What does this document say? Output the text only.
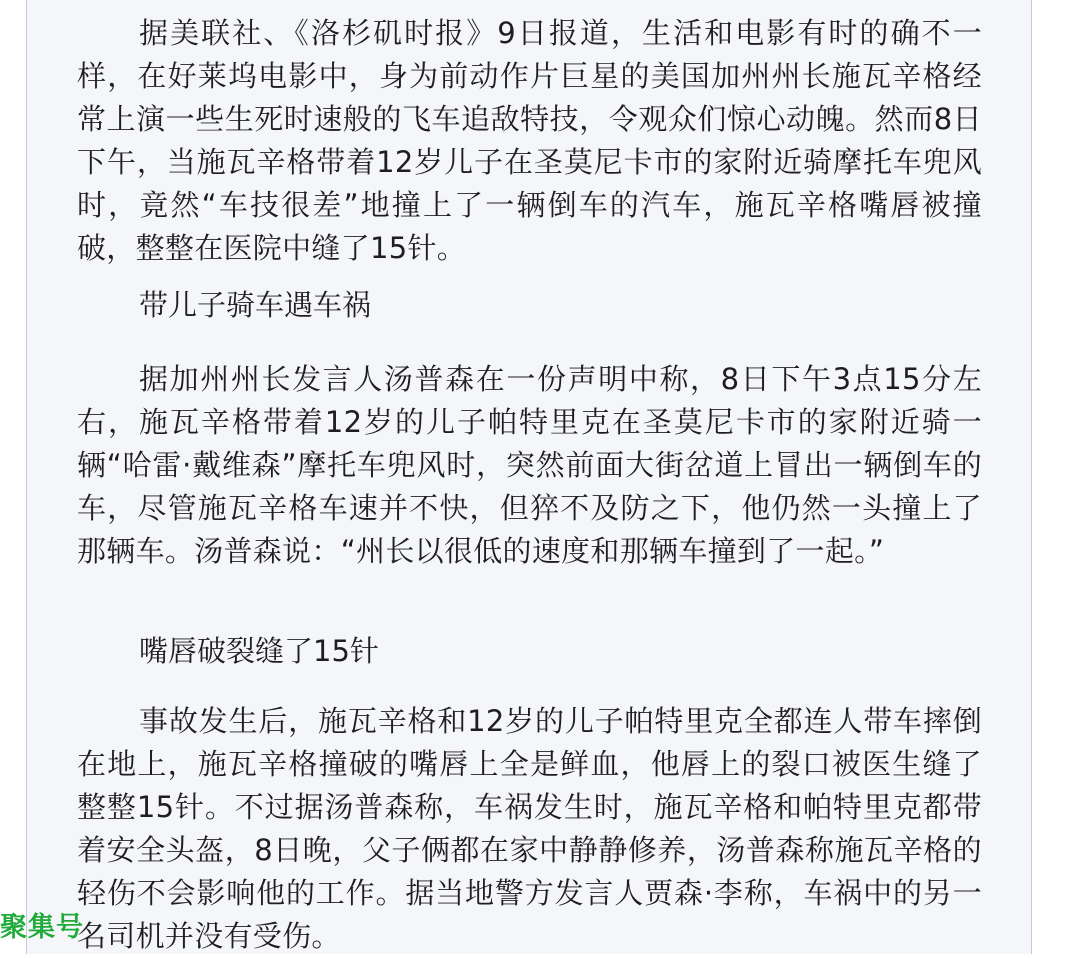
据美联社、《洛杉矶时报》9日报道，生活和电影有时的确不一样，在好莱坞电影中，身为前动作片巨星的美国加州州长施瓦辛格经常上演一些生死时速般的飞车追敌特技，令观众们惊心动魄。然而8日下午，当施瓦辛格带着12岁儿子在圣莫尼卡市的家附近骑摩托车兜风时，竟然“车技很差”地撞上了一辆倒车的汽车，施瓦辛格嘴唇被撞破，整整在医院中缝了15针。

带儿子骑车遇车祸

据加州州长发言人汤普森在一份声明中称，8日下午3点15分左右，施瓦辛格带着12岁的儿子帕特里克在圣莫尼卡市的家附近骑一辆“哈雷·戴维森”摩托车兜风时，突然前面大街岔道上冒出一辆倒车的车，尽管施瓦辛格车速并不快，但猝不及防之下，他仍然一头撞上了那辆车。汤普森说：“州长以很低的速度和那辆车撞到了一起。”

嘴唇破裂缝了15针

事故发生后，施瓦辛格和12岁的儿子帕特里克全都连人带车摔倒在地上，施瓦辛格撞破的嘴唇上全是鲜血，他唇上的裂口被医生缝了整整15针。不过据汤普森称，车祸发生时，施瓦辛格和帕特里克都带着安全头盔，8日晚，父子俩都在家中静静修养，汤普森称施瓦辛格的轻伤不会影响他的工作。据当地警方发言人贾森·李称，车祸中的另一名司机并没有受伤。

聚集号
